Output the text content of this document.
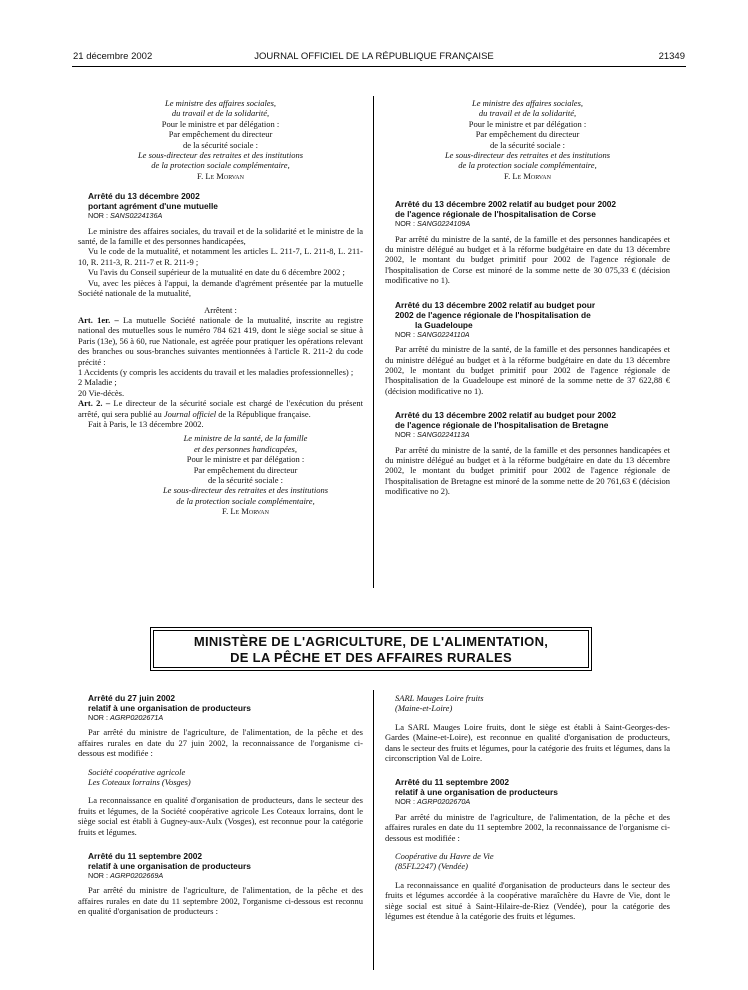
21 décembre 2002	JOURNAL OFFICIEL DE LA RÉPUBLIQUE FRANÇAISE	21349
Le ministre des affaires sociales,
du travail et de la solidarité,
Pour le ministre et par délégation :
Par empêchement du directeur
de la sécurité sociale :
Le sous-directeur des retraites et des institutions
de la protection sociale complémentaire,
F. Le Morvan

Arrêté du 13 décembre 2002

portant agrément d'une mutuelle

NOR : SANS0224136A

Le ministre des affaires sociales, du travail et de la solidarité et le ministre de la santé, de la famille et des personnes handicapées,

Vu le code de la mutualité, et notamment les articles L. 211-7, L. 211-8, L. 211-10, R. 211-3, R. 211-7 et R. 211-9 ;

Vu l'avis du Conseil supérieur de la mutualité en date du 6 décembre 2002 ;

Vu, avec les pièces à l'appui, la demande d'agrément présentée par la mutuelle Société nationale de la mutualité,

Arrêtent :

Art. 1er. – La mutuelle Société nationale de la mutualité, inscrite au registre national des mutuelles sous le numéro 784 621 419, dont le siège social se situe à Paris (13e), 56 à 60, rue Nationale, est agréée pour pratiquer les opérations relevant des branches ou sous-branches suivantes mentionnées à l'article R. 211-2 du code précité :

1 Accidents (y compris les accidents du travail et les maladies professionnelles) ;

2 Maladie ;

20 Vie-décès.

Art. 2. – Le directeur de la sécurité sociale est chargé de l'exécution du présent arrêté, qui sera publié au Journal officiel de la République française.

Fait à Paris, le 13 décembre 2002.

Le ministre de la santé, de la famille
et des personnes handicapées,
Pour le ministre et par délégation :
Par empêchement du directeur
de la sécurité sociale :
Le sous-directeur des retraites et des institutions
de la protection sociale complémentaire,
F. Le Morvan
Le ministre des affaires sociales,
du travail et de la solidarité,
Pour le ministre et par délégation :
Par empêchement du directeur
de la sécurité sociale :
Le sous-directeur des retraites et des institutions
de la protection sociale complémentaire,
F. Le Morvan

Arrêté du 13 décembre 2002 relatif au budget pour 2002

de l'agence régionale de l'hospitalisation de Corse

NOR : SANG0224109A

Par arrêté du ministre de la santé, de la famille et des personnes handicapées et du ministre délégué au budget et à la réforme budgétaire en date du 13 décembre 2002, le montant du budget primitif pour 2002 de l'agence régionale de l'hospitalisation de Corse est minoré de la somme nette de 30 075,33 € (décision modificative no 1).

Arrêté du 13 décembre 2002 relatif au budget pour

2002 de l'agence régionale de l'hospitalisation de

la Guadeloupe

NOR : SANG0224110A

Par arrêté du ministre de la santé, de la famille et des personnes handicapées et du ministre délégué au budget et à la réforme budgétaire en date du 13 décembre 2002, le montant du budget primitif pour 2002 de l'agence régionale de l'hospitalisation de la Guadeloupe est minoré de la somme nette de 37 622,88 € (décision modificative no 1).

Arrêté du 13 décembre 2002 relatif au budget pour 2002

de l'agence régionale de l'hospitalisation de Bretagne

NOR : SANG0224113A

Par arrêté du ministre de la santé, de la famille et des personnes handicapées et du ministre délégué au budget et à la réforme budgétaire en date du 13 décembre 2002, le montant du budget primitif pour 2002 de l'agence régionale de l'hospitalisation de Bretagne est minoré de la somme nette de 20 761,63 € (décision modificative no 2).

MINISTÈRE DE L'AGRICULTURE, DE L'ALIMENTATION,
DE LA PÊCHE ET DES AFFAIRES RURALES

Arrêté du 27 juin 2002

relatif à une organisation de producteurs

NOR : AGRP0202671A

Par arrêté du ministre de l'agriculture, de l'alimentation, de la pêche et des affaires rurales en date du 27 juin 2002, la reconnaissance de l'organisme ci-dessous est modifiée :

Société coopérative agricole

Les Coteaux lorrains (Vosges)

La reconnaissance en qualité d'organisation de producteurs, dans le secteur des fruits et légumes, de la Société coopérative agricole Les Coteaux lorrains, dont le siège social est établi à Gugney-aux-Aulx (Vosges), est reconnue pour la catégorie fruits et légumes.

Arrêté du 11 septembre 2002

relatif à une organisation de producteurs

NOR : AGRP0202669A

Par arrêté du ministre de l'agriculture, de l'alimentation, de la pêche et des affaires rurales en date du 11 septembre 2002, l'organisme ci-dessous est reconnu en qualité d'organisation de producteurs :

SARL Mauges Loire fruits

(Maine-et-Loire)

La SARL Mauges Loire fruits, dont le siège est établi à Saint-Georges-des-Gardes (Maine-et-Loire), est reconnue en qualité d'organisation de producteurs, dans le secteur des fruits et légumes, pour la catégorie des fruits et légumes, dans la circonscription Val de Loire.

Arrêté du 11 septembre 2002

relatif à une organisation de producteurs

NOR : AGRP0202670A

Par arrêté du ministre de l'agriculture, de l'alimentation, de la pêche et des affaires rurales en date du 11 septembre 2002, la reconnaissance de l'organisme ci-dessous est modifiée :

Coopérative du Havre de Vie

(85FL2247) (Vendée)

La reconnaissance en qualité d'organisation de producteurs dans le secteur des fruits et légumes accordée à la coopérative maraîchère du Havre de Vie, dont le siège social est situé à Saint-Hilaire-de-Riez (Vendée), pour la catégorie des légumes est étendue à la catégorie des fruits et légumes.
